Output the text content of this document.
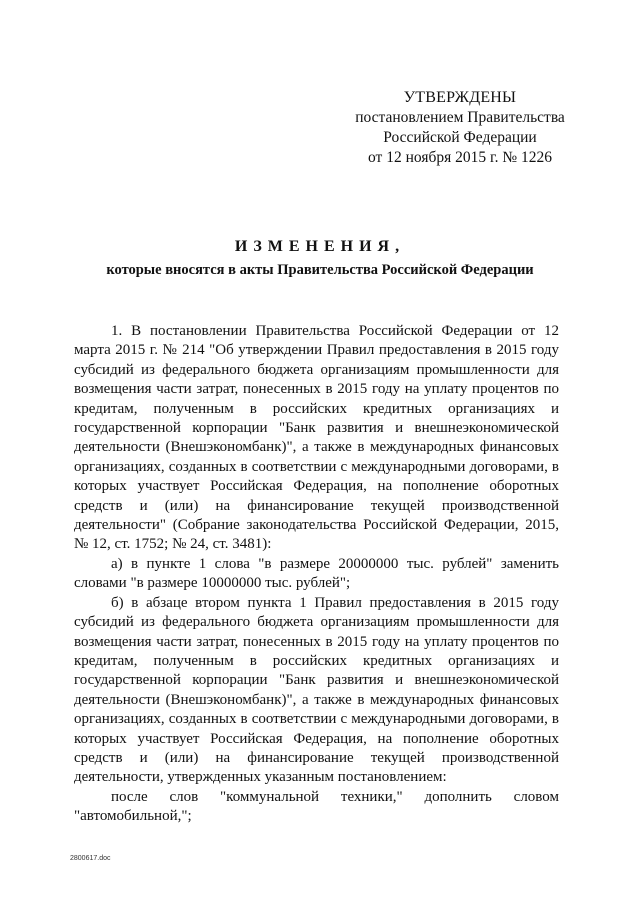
УТВЕРЖДЕНЫ
постановлением Правительства
Российской Федерации
от 12 ноября 2015 г. № 1226
ИЗМЕНЕНИЯ,
которые вносятся в акты Правительства Российской Федерации

1. В постановлении Правительства Российской Федерации от 12 марта 2015 г. № 214 "Об утверждении Правил предоставления в 2015 году субсидий из федерального бюджета организациям промышленности для возмещения части затрат, понесенных в 2015 году на уплату процентов по кредитам, полученным в российских кредитных организациях и государственной корпорации "Банк развития и внешнеэкономической деятельности (Внешэкономбанк)", а также в международных финансовых организациях, созданных в соответствии с международными договорами, в которых участвует Российская Федерация, на пополнение оборотных средств и (или) на финансирование текущей производственной деятельности" (Собрание законодательства Российской Федерации, 2015, № 12, ст. 1752; № 24, ст. 3481):

а) в пункте 1 слова "в размере 20000000 тыс. рублей" заменить словами "в размере 10000000 тыс. рублей";

б) в абзаце втором пункта 1 Правил предоставления в 2015 году субсидий из федерального бюджета организациям промышленности для возмещения части затрат, понесенных в 2015 году на уплату процентов по кредитам, полученным в российских кредитных организациях и государственной корпорации "Банк развития и внешнеэкономической деятельности (Внешэкономбанк)", а также в международных финансовых организациях, созданных в соответствии с международными договорами, в которых участвует Российская Федерация, на пополнение оборотных средств и (или) на финансирование текущей производственной деятельности, утвержденных указанным постановлением:

после слов "коммунальной техники," дополнить словом "автомобильной,";

2800617.doc
